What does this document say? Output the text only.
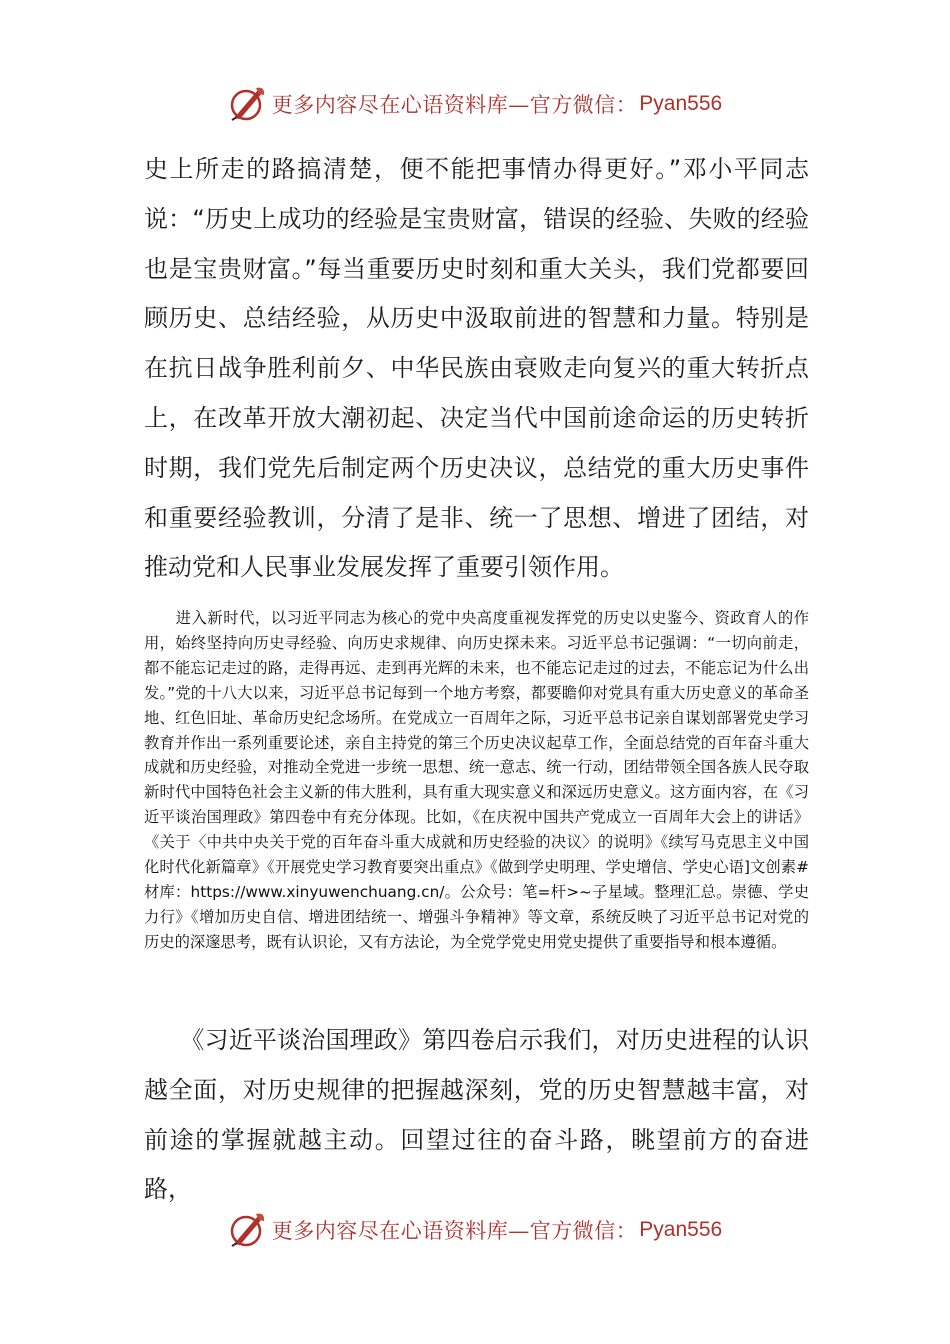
更多内容尽在心语资料库—官方微信： Pyan556

史上所走的路搞清楚，便不能把事情办得更好。”邓小平同志说：“历史上成功的经验是宝贵财富，错误的经验、失败的经验也是宝贵财富。”每当重要历史时刻和重大关头，我们党都要回顾历史、总结经验，从历史中汲取前进的智慧和力量。特别是在抗日战争胜利前夕、中华民族由衰败走向复兴的重大转折点上，在改革开放大潮初起、决定当代中国前途命运的历史转折时期，我们党先后制定两个历史决议，总结党的重大历史事件和重要经验教训，分清了是非、统一了思想、增进了团结，对推动党和人民事业发展发挥了重要引领作用。

　　进入新时代，以习近平同志为核心的党中央高度重视发挥党的历史以史鉴今、资政育人的作用，始终坚持向历史寻经验、向历史求规律、向历史探未来。习近平总书记强调：“一切向前走，都不能忘记走过的路，走得再远、走到再光辉的未来，也不能忘记走过的过去，不能忘记为什么出发。”党的十八大以来，习近平总书记每到一个地方考察，都要瞻仰对党具有重大历史意义的革命圣地、红色旧址、革命历史纪念场所。在党成立一百周年之际，习近平总书记亲自谋划部署党史学习教育并作出一系列重要论述，亲自主持党的第三个历史决议起草工作，全面总结党的百年奋斗重大成就和历史经验，对推动全党进一步统一思想、统一意志、统一行动，团结带领全国各族人民夺取新时代中国特色社会主义新的伟大胜利，具有重大现实意义和深远历史意义。这方面内容，在《习近平谈治国理政》第四卷中有充分体现。比如，《在庆祝中国共产党成立一百周年大会上的讲话》《关于〈中共中央关于党的百年奋斗重大成就和历史经验的决议〉的说明》《续写马克思主义中国化时代化新篇章》《开展党史学习教育要突出重点》《做到学史明理、学史增信、学史心语]文创素#材库：https://www.xinyuwenchuang.cn/。公众号：笔=杆>~子星域。整理汇总。崇德、学史力行》《增加历史自信、增进团结统一、增强斗争精神》等文章，系统反映了习近平总书记对党的历史的深邃思考，既有认识论，又有方法论，为全党学党史用党史提供了重要指导和根本遵循。

　　《习近平谈治国理政》第四卷启示我们，对历史进程的认识越全面，对历史规律的把握越深刻，党的历史智慧越丰富，对前途的掌握就越主动。回望过往的奋斗路，眺望前方的奋进路，

更多内容尽在心语资料库—官方微信： Pyan556
